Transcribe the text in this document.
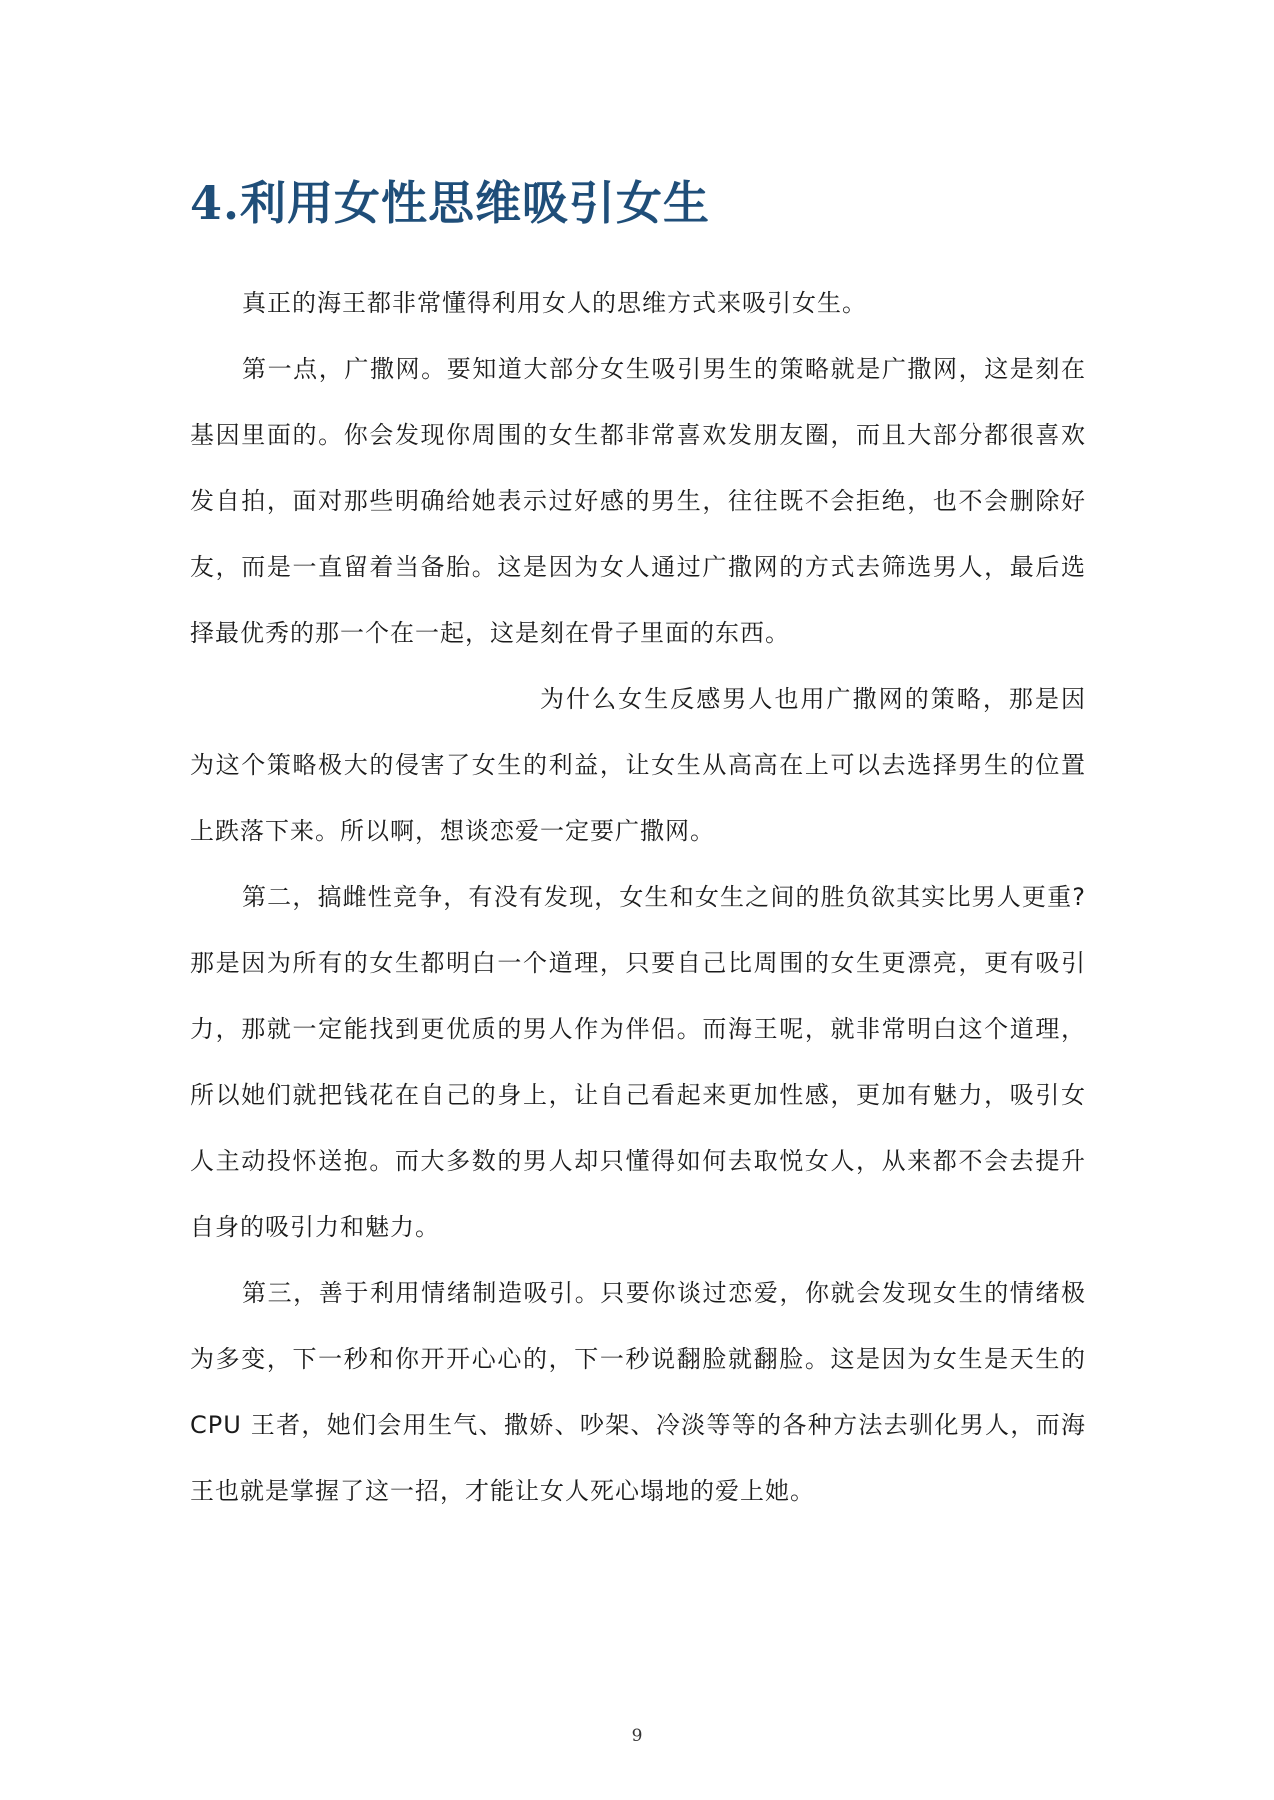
4.利用女性思维吸引女生

真正的海王都非常懂得利用女人的思维方式来吸引女生。

第一点，广撒网。要知道大部分女生吸引男生的策略就是广撒网，这是刻在基因里面的。你会发现你周围的女生都非常喜欢发朋友圈，而且大部分都很喜欢发自拍，面对那些明确给她表示过好感的男生，往往既不会拒绝，也不会删除好友，而是一直留着当备胎。这是因为女人通过广撒网的方式去筛选男人，最后选择最优秀的那一个在一起，这是刻在骨子里面的东西。

为什么女生反感男人也用广撒网的策略，那是因为这个策略极大的侵害了女生的利益，让女生从高高在上可以去选择男生的位置上跌落下来。所以啊，想谈恋爱一定要广撒网。

第二，搞雌性竞争，有没有发现，女生和女生之间的胜负欲其实比男人更重?那是因为所有的女生都明白一个道理，只要自己比周围的女生更漂亮，更有吸引力，那就一定能找到更优质的男人作为伴侣。而海王呢，就非常明白这个道理，所以她们就把钱花在自己的身上，让自己看起来更加性感，更加有魅力，吸引女人主动投怀送抱。而大多数的男人却只懂得如何去取悦女人，从来都不会去提升自身的吸引力和魅力。

第三，善于利用情绪制造吸引。只要你谈过恋爱，你就会发现女生的情绪极为多变，下一秒和你开开心心的，下一秒说翻脸就翻脸。这是因为女生是天生的 CPU 王者，她们会用生气、撒娇、吵架、冷淡等等的各种方法去驯化男人，而海王也就是掌握了这一招，才能让女人死心塌地的爱上她。

9
